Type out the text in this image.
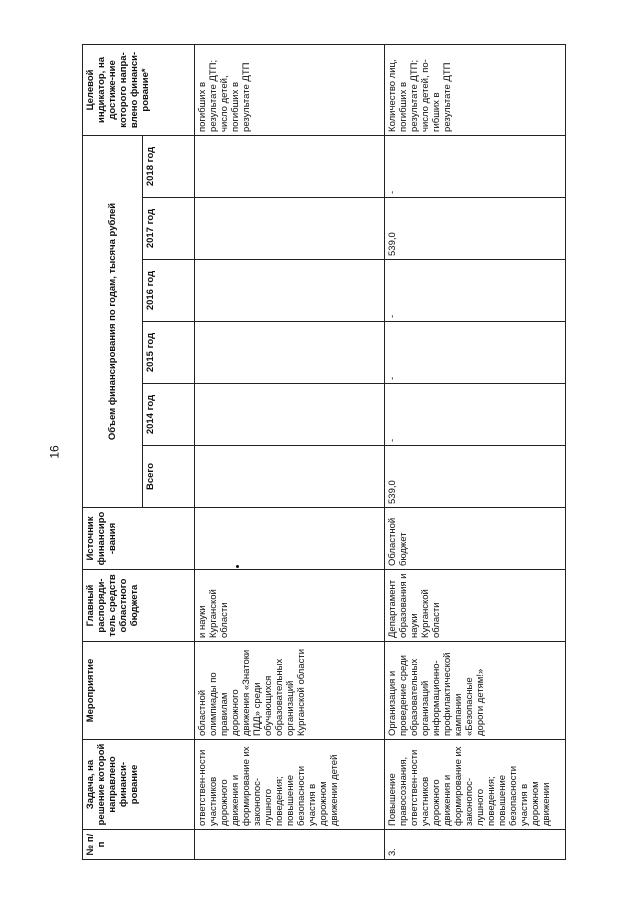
16
№ п/п	Задача, на решение которой направлено финанси-рование	Мероприятие	Главный распоряди-тель средств областного бюджета	Источник финансиро-вания	Объем финансирования по годам, тысяча рублей						Целевой индикатор, на достиже-ние которого напра-влено финанси-рование*
					Всего	2014 год	2015 год	2016 год	2017 год	2018 год	
	ответствен-ности участников дорожного движения и формирование их законопос-лушного поведения; повышение безопасности участия в дорожном движении детей	областной олимпиады по правилам дорожного движения «Знатоки ПДД» среди обучающихся образовательных организаций Курганской области	и науки Курганской области								погибших в результате ДТП; число детей, погибших в результате ДТП
3.	Повышение правосознания, ответствен-ности участников дорожного движения и формирование их законопос-лушного поведения; повышение безопасности участия в дорожном движении	Организация и проведение среди образовательных организаций информационно-профилактической кампании «Безопасные дороги детям!»	Департамент образования и науки Курганской области	Областной бюджет	539,0	-	-	-	539,0	-	Количество лиц, погибших в результате ДТП; число детей, по-гибших в результате ДТП
